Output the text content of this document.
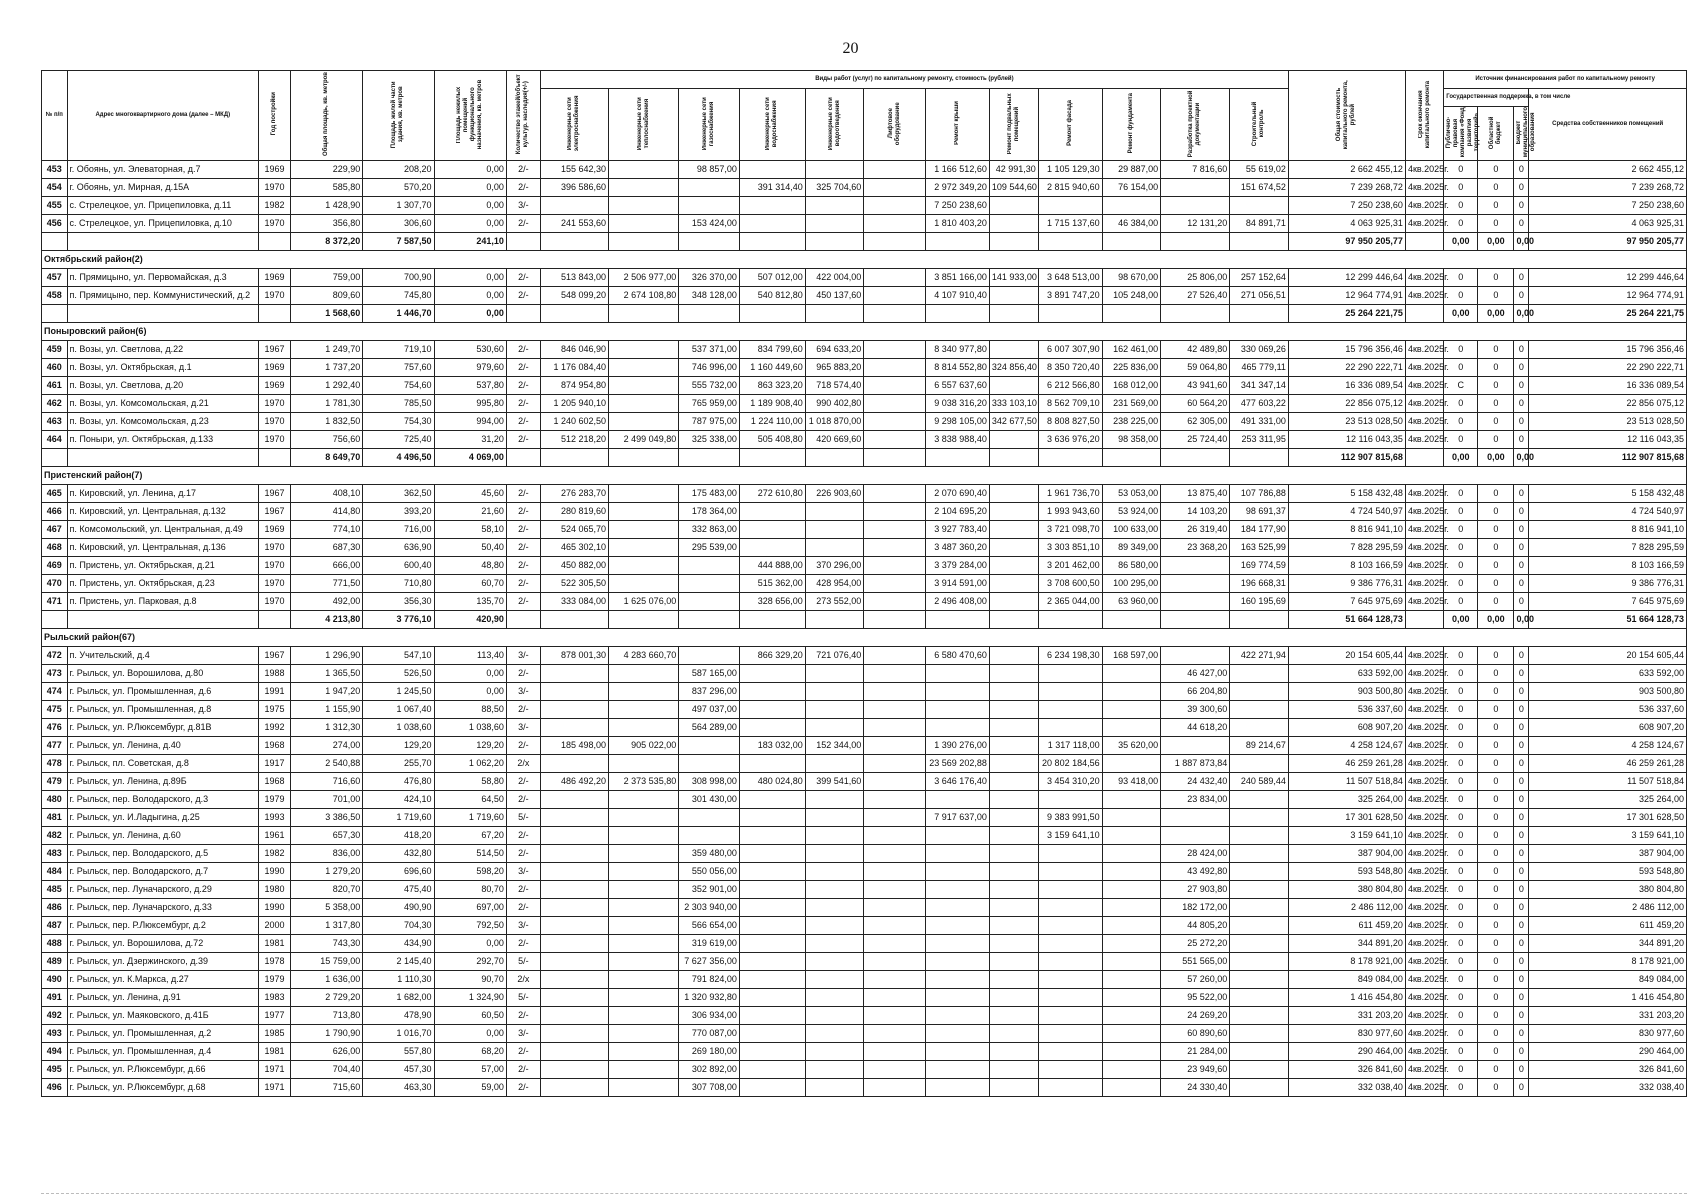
20
№ п/п	Адрес многоквартирного дома (далее – МКД)	Год постройки	Общая площадь, кв. метров	Площадь жилой части здания, кв. метров	Площадь нежилых помещений функционального назначения, кв. метров	Количество этажей/объект культур. наследия(+/-)	Виды работ (услуг) по капитальному ремонту, стоимость (рублей)												Общая стоимость капитального ремонта, рублей	Срок окончания капитального ремонта	Источник финансирования работ по капитальному ремонту			
							Инженерные сети электроснабжения	Инженерные сети теплоснабжения	Инженерные сети газоснабжения	Инженерные сети водоснабжения	Инженерные сети водоотведения	Лифтовое оборудование	Ремонт крыши	Ремонт подвальных помещений	Ремонт фасада	Ремонт фундамента	Разработка проектной документации	Строительный контроль			Государственная поддержка, в том числе			Средства собственников помещений
																					Публично-правовая компания «Фонд развития территорий»	Областной бюджет	Бюджет муниципального образования	
453	г. Обоянь, ул. Элеваторная, д.7	1969	229,90	208,20	0,00	2/-	155 642,30		98 857,00				1 166 512,60	42 991,30	1 105 129,30	29 887,00	7 816,60	55 619,02	2 662 455,12	4кв.2025г.	0	0	0	2 662 455,12
454	г. Обоянь, ул. Мирная, д.15А	1970	585,80	570,20	0,00	2/-	396 586,60			391 314,40	325 704,60		2 972 349,20	109 544,60	2 815 940,60	76 154,00		151 674,52	7 239 268,72	4кв.2025г.	0	0	0	7 239 268,72
455	с. Стрелецкое, ул. Прицепиловка, д.11	1982	1 428,90	1 307,70	0,00	3/-							7 250 238,60						7 250 238,60	4кв.2025г.	0	0	0	7 250 238,60
456	с. Стрелецкое, ул. Прицепиловка, д.10	1970	356,80	306,60	0,00	2/-	241 553,60		153 424,00				1 810 403,20		1 715 137,60	46 384,00	12 131,20	84 891,71	4 063 925,31	4кв.2025г.	0	0	0	4 063 925,31
			8 372,20	7 587,50	241,10														97 950 205,77		0,00	0,00	0,00	97 950 205,77
Октябрьский район(2)																								
457	п. Прямицыно, ул. Первомайская, д.3	1969	759,00	700,90	0,00	2/-	513 843,00	2 506 977,00	326 370,00	507 012,00	422 004,00		3 851 166,00	141 933,00	3 648 513,00	98 670,00	25 806,00	257 152,64	12 299 446,64	4кв.2025г.	0	0	0	12 299 446,64
458	п. Прямицыно, пер. Коммунистический, д.2	1970	809,60	745,80	0,00	2/-	548 099,20	2 674 108,80	348 128,00	540 812,80	450 137,60		4 107 910,40		3 891 747,20	105 248,00	27 526,40	271 056,51	12 964 774,91	4кв.2025г.	0	0	0	12 964 774,91
			1 568,60	1 446,70	0,00														25 264 221,75		0,00	0,00	0,00	25 264 221,75
Поныровский район(6)																								
459	п. Возы, ул. Светлова, д.22	1967	1 249,70	719,10	530,60	2/-	846 046,90		537 371,00	834 799,60	694 633,20		8 340 977,80		6 007 307,90	162 461,00	42 489,80	330 069,26	15 796 356,46	4кв.2025г.	0	0	0	15 796 356,46
460	п. Возы, ул. Октябрьская, д.1	1969	1 737,20	757,60	979,60	2/-	1 176 084,40		746 996,00	1 160 449,60	965 883,20		8 814 552,80	324 856,40	8 350 720,40	225 836,00	59 064,80	465 779,11	22 290 222,71	4кв.2025г.	0	0	0	22 290 222,71
461	п. Возы, ул. Светлова, д.20	1969	1 292,40	754,60	537,80	2/-	874 954,80		555 732,00	863 323,20	718 574,40		6 557 637,60		6 212 566,80	168 012,00	43 941,60	341 347,14	16 336 089,54	4кв.2025г.	С	0	0	16 336 089,54
462	п. Возы, ул. Комсомольская, д.21	1970	1 781,30	785,50	995,80	2/-	1 205 940,10		765 959,00	1 189 908,40	990 402,80		9 038 316,20	333 103,10	8 562 709,10	231 569,00	60 564,20	477 603,22	22 856 075,12	4кв.2025г.	0	0	0	22 856 075,12
463	п. Возы, ул. Комсомольская, д.23	1970	1 832,50	754,30	994,00	2/-	1 240 602,50		787 975,00	1 224 110,00	1 018 870,00		9 298 105,00	342 677,50	8 808 827,50	238 225,00	62 305,00	491 331,00	23 513 028,50	4кв.2025г.	0	0	0	23 513 028,50
464	п. Поныри, ул. Октябрьская, д.133	1970	756,60	725,40	31,20	2/-	512 218,20	2 499 049,80	325 338,00	505 408,80	420 669,60		3 838 988,40		3 636 976,20	98 358,00	25 724,40	253 311,95	12 116 043,35	4кв.2025г.	0	0	0	12 116 043,35
			8 649,70	4 496,50	4 069,00														112 907 815,68		0,00	0,00	0,00	112 907 815,68
Пристенский район(7)																								
465	п. Кировский, ул. Ленина, д.17	1967	408,10	362,50	45,60	2/-	276 283,70		175 483,00	272 610,80	226 903,60		2 070 690,40		1 961 736,70	53 053,00	13 875,40	107 786,88	5 158 432,48	4кв.2025г.	0	0	0	5 158 432,48
466	п. Кировский, ул. Центральная, д.132	1967	414,80	393,20	21,60	2/-	280 819,60		178 364,00				2 104 695,20		1 993 943,60	53 924,00	14 103,20	98 691,37	4 724 540,97	4кв.2025г.	0	0	0	4 724 540,97
467	п. Комсомольский, ул. Центральная, д.49	1969	774,10	716,00	58,10	2/-	524 065,70		332 863,00				3 927 783,40		3 721 098,70	100 633,00	26 319,40	184 177,90	8 816 941,10	4кв.2025г.	0	0	0	8 816 941,10
468	п. Кировский, ул. Центральная, д.136	1970	687,30	636,90	50,40	2/-	465 302,10		295 539,00				3 487 360,20		3 303 851,10	89 349,00	23 368,20	163 525,99	7 828 295,59	4кв.2025г.	0	0	0	7 828 295,59
469	п. Пристень, ул. Октябрьская, д.21	1970	666,00	600,40	48,80	2/-	450 882,00			444 888,00	370 296,00		3 379 284,00		3 201 462,00	86 580,00		169 774,59	8 103 166,59	4кв.2025г.	0	0	0	8 103 166,59
470	п. Пристень, ул. Октябрьская, д.23	1970	771,50	710,80	60,70	2/-	522 305,50			515 362,00	428 954,00		3 914 591,00		3 708 600,50	100 295,00		196 668,31	9 386 776,31	4кв.2025г.	0	0	0	9 386 776,31
471	п. Пристень, ул. Парковая, д.8	1970	492,00	356,30	135,70	2/-	333 084,00	1 625 076,00		328 656,00	273 552,00		2 496 408,00		2 365 044,00	63 960,00		160 195,69	7 645 975,69	4кв.2025г.	0	0	0	7 645 975,69
			4 213,80	3 776,10	420,90														51 664 128,73		0,00	0,00	0,00	51 664 128,73
Рыльский район(67)																								
472	п. Учительский, д.4	1967	1 296,90	547,10	113,40	3/-	878 001,30	4 283 660,70		866 329,20	721 076,40		6 580 470,60		6 234 198,30	168 597,00		422 271,94	20 154 605,44	4кв.2025г.	0	0	0	20 154 605,44
473	г. Рыльск, ул. Ворошилова, д.80	1988	1 365,50	526,50	0,00	2/-			587 165,00								46 427,00		633 592,00	4кв.2025г.	0	0	0	633 592,00
474	г. Рыльск, ул. Промышленная, д.6	1991	1 947,20	1 245,50	0,00	3/-			837 296,00								66 204,80		903 500,80	4кв.2025г.	0	0	0	903 500,80
475	г. Рыльск, ул. Промышленная, д.8	1975	1 155,90	1 067,40	88,50	2/-			497 037,00								39 300,60		536 337,60	4кв.2025г.	0	0	0	536 337,60
476	г. Рыльск, ул. Р.Люксембург, д.81В	1992	1 312,30	1 038,60	1 038,60	3/-			564 289,00								44 618,20		608 907,20	4кв.2025г.	0	0	0	608 907,20
477	г. Рыльск, ул. Ленина, д.40	1968	274,00	129,20	129,20	2/-	185 498,00	905 022,00		183 032,00	152 344,00		1 390 276,00		1 317 118,00	35 620,00		89 214,67	4 258 124,67	4кв.2025г.	0	0	0	4 258 124,67
478	г. Рыльск, пл. Советская, д.8	1917	2 540,88	255,70	1 062,20	2/х							23 569 202,88		20 802 184,56		1 887 873,84		46 259 261,28	4кв.2025г.	0	0	0	46 259 261,28
479	г. Рыльск, ул. Ленина, д.89Б	1968	716,60	476,80	58,80	2/-	486 492,20	2 373 535,80	308 998,00	480 024,80	399 541,60		3 646 176,40		3 454 310,20	93 418,00	24 432,40	240 589,44	11 507 518,84	4кв.2025г.	0	0	0	11 507 518,84
480	г. Рыльск, пер. Володарского, д.3	1979	701,00	424,10	64,50	2/-			301 430,00								23 834,00		325 264,00	4кв.2025г.	0	0	0	325 264,00
481	г. Рыльск, ул. И.Ладыгина, д.25	1993	3 386,50	1 719,60	1 719,60	5/-							7 917 637,00		9 383 991,50				17 301 628,50	4кв.2025г.	0	0	0	17 301 628,50
482	г. Рыльск, ул. Ленина, д.60	1961	657,30	418,20	67,20	2/-									3 159 641,10				3 159 641,10	4кв.2025г.	0	0	0	3 159 641,10
483	г. Рыльск, пер. Володарского, д.5	1982	836,00	432,80	514,50	2/-			359 480,00								28 424,00		387 904,00	4кв.2025г.	0	0	0	387 904,00
484	г. Рыльск, пер. Володарского, д.7	1990	1 279,20	696,60	598,20	3/-			550 056,00								43 492,80		593 548,80	4кв.2025г.	0	0	0	593 548,80
485	г. Рыльск, пер. Луначарского, д.29	1980	820,70	475,40	80,70	2/-			352 901,00								27 903,80		380 804,80	4кв.2025г.	0	0	0	380 804,80
486	г. Рыльск, пер. Луначарского, д.33	1990	5 358,00	490,90	697,00	2/-			2 303 940,00								182 172,00		2 486 112,00	4кв.2025г.	0	0	0	2 486 112,00
487	г. Рыльск, пер. Р.Люксембург, д.2	2000	1 317,80	704,30	792,50	3/-			566 654,00								44 805,20		611 459,20	4кв.2025г.	0	0	0	611 459,20
488	г. Рыльск, ул. Ворошилова, д.72	1981	743,30	434,90	0,00	2/-			319 619,00								25 272,20		344 891,20	4кв.2025г.	0	0	0	344 891,20
489	г. Рыльск, ул. Дзержинского, д.39	1978	15 759,00	2 145,40	292,70	5/-			7 627 356,00								551 565,00		8 178 921,00	4кв.2025г.	0	0	0	8 178 921,00
490	г. Рыльск, ул. К.Маркса, д.27	1979	1 636,00	1 110,30	90,70	2/х			791 824,00								57 260,00		849 084,00	4кв.2025г.	0	0	0	849 084,00
491	г. Рыльск, ул. Ленина, д.91	1983	2 729,20	1 682,00	1 324,90	5/-			1 320 932,80								95 522,00		1 416 454,80	4кв.2025г.	0	0	0	1 416 454,80
492	г. Рыльск, ул. Маяковского, д.41Б	1977	713,80	478,90	60,50	2/-			306 934,00								24 269,20		331 203,20	4кв.2025г.	0	0	0	331 203,20
493	г. Рыльск, ул. Промышленная, д.2	1985	1 790,90	1 016,70	0,00	3/-			770 087,00								60 890,60		830 977,60	4кв.2025г.	0	0	0	830 977,60
494	г. Рыльск, ул. Промышленная, д.4	1981	626,00	557,80	68,20	2/-			269 180,00								21 284,00		290 464,00	4кв.2025г.	0	0	0	290 464,00
495	г. Рыльск, ул. Р.Люксембург, д.66	1971	704,40	457,30	57,00	2/-			302 892,00								23 949,60		326 841,60	4кв.2025г.	0	0	0	326 841,60
496	г. Рыльск, ул. Р.Люксембург, д.68	1971	715,60	463,30	59,00	2/-			307 708,00								24 330,40		332 038,40	4кв.2025г.	0	0	0	332 038,40
